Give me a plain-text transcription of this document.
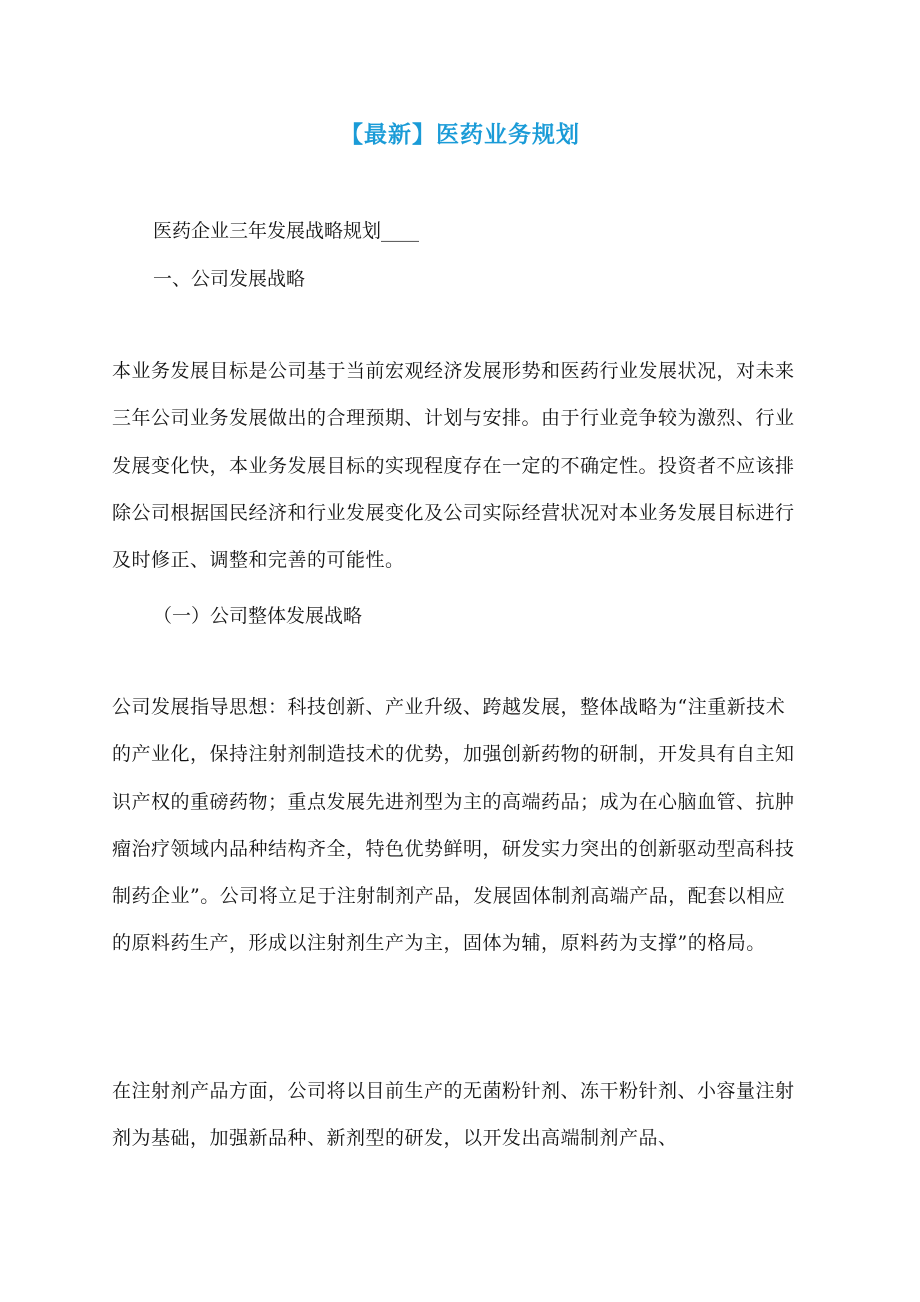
【最新】医药业务规划
医药企业三年发展战略规划____
一、公司发展战略
本业务发展目标是公司基于当前宏观经济发展形势和医药行业发展状况，对未来三年公司业务发展做出的合理预期、计划与安排。由于行业竞争较为激烈、行业发展变化快，本业务发展目标的实现程度存在一定的不确定性。投资者不应该排除公司根据国民经济和行业发展变化及公司实际经营状况对本业务发展目标进行及时修正、调整和完善的可能性。
（一）公司整体发展战略
公司发展指导思想：科技创新、产业升级、跨越发展，整体战略为“注重新技术的产业化，保持注射剂制造技术的优势，加强创新药物的研制，开发具有自主知识产权的重磅药物；重点发展先进剂型为主的高端药品；成为在心脑血管、抗肿瘤治疗领域内品种结构齐全，特色优势鲜明，研发实力突出的创新驱动型高科技制药企业”。公司将立足于注射制剂产品，发展固体制剂高端产品，配套以相应的原料药生产，形成以注射剂生产为主，固体为辅，原料药为支撑”的格局。
在注射剂产品方面，公司将以目前生产的无菌粉针剂、冻干粉针剂、小容量注射剂为基础，加强新品种、新剂型的研发，以开发出高端制剂产品、
